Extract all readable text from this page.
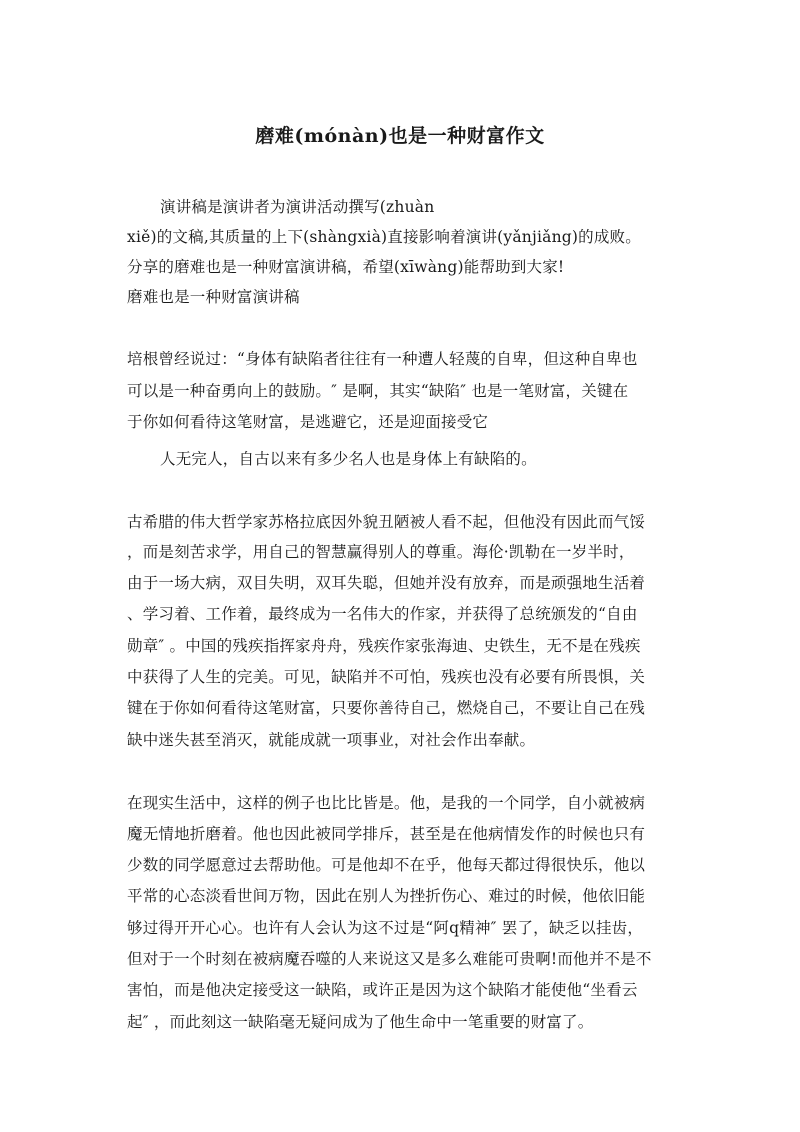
磨难(mónàn)也是一种财富作文
演讲稿是演讲者为演讲活动撰写(zhuàn
xiě)的文稿,其质量的上下(shàngxià)直接影响着演讲(yǎnjiǎng)的成败。
分享的磨难也是一种财富演讲稿，希望(xīwàng)能帮助到大家!
磨难也是一种财富演讲稿
培根曾经说过：“身体有缺陷者往往有一种遭人轻蔑的自卑，但这种自卑也
可以是一种奋勇向上的鼓励。″ 是啊，其实“缺陷″ 也是一笔财富，关键在
于你如何看待这笔财富，是逃避它，还是迎面接受它
人无完人，自古以来有多少名人也是身体上有缺陷的。
古希腊的伟大哲学家苏格拉底因外貌丑陋被人看不起，但他没有因此而气馁
，而是刻苦求学，用自己的智慧赢得别人的尊重。海伦·凯勒在一岁半时，
由于一场大病，双目失明，双耳失聪，但她并没有放弃，而是顽强地生活着
、学习着、工作着，最终成为一名伟大的作家，并获得了总统颁发的“自由
勋章″ 。中国的残疾指挥家舟舟，残疾作家张海迪、史铁生，无不是在残疾
中获得了人生的完美。可见，缺陷并不可怕，残疾也没有必要有所畏惧，关
键在于你如何看待这笔财富，只要你善待自己，燃烧自己，不要让自己在残
缺中迷失甚至消灭，就能成就一项事业，对社会作出奉献。
在现实生活中，这样的例子也比比皆是。他，是我的一个同学，自小就被病
魔无情地折磨着。他也因此被同学排斥，甚至是在他病情发作的时候也只有
少数的同学愿意过去帮助他。可是他却不在乎，他每天都过得很快乐，他以
平常的心态淡看世间万物，因此在别人为挫折伤心、难过的时候，他依旧能
够过得开开心心。也许有人会认为这不过是“阿q精神″ 罢了，缺乏以挂齿，
但对于一个时刻在被病魔吞噬的人来说这又是多么难能可贵啊!而他并不是不
害怕，而是他决定接受这一缺陷，或许正是因为这个缺陷才能使他“坐看云
起″ ，而此刻这一缺陷毫无疑问成为了他生命中一笔重要的财富了。
